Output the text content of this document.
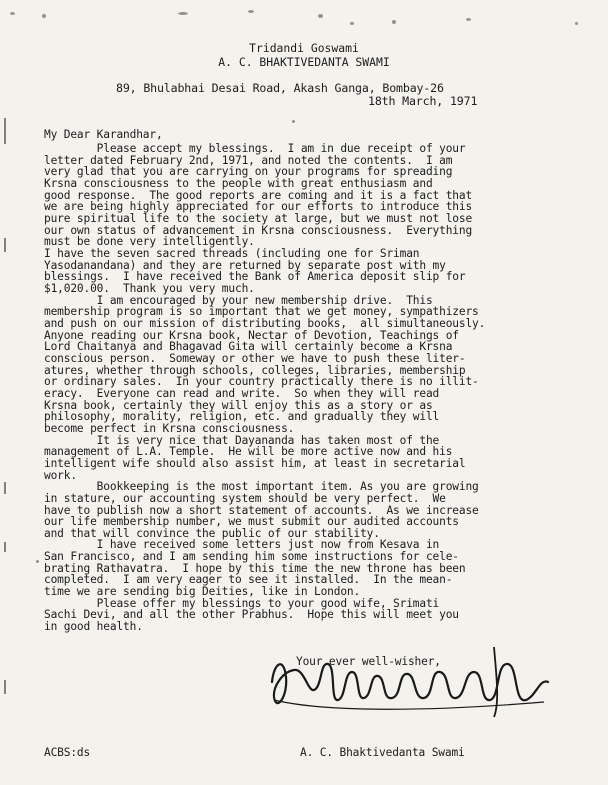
Tridandi Goswami
A. C. BHAKTIVEDANTA SWAMI
89, Bhulabhai Desai Road, Akash Ganga, Bombay-26
18th March, 1971
My Dear Karandhar,
Please accept my blessings.  I am in due receipt of your
letter dated February 2nd, 1971, and noted the contents.  I am
very glad that you are carrying on your programs for spreading
Krsna consciousness to the people with great enthusiasm and
good response.  The good reports are coming and it is a fact that
we are being highly appreciated for our efforts to introduce this
pure spiritual life to the society at large, but we must not lose
our own status of advancement in Krsna consciousness.  Everything
must be done very intelligently.
I have the seven sacred threads (including one for Sriman
Yasodanandana) and they are returned by separate post with my
blessings.  I have received the Bank of America deposit slip for
$1,020.00.  Thank you very much.
I am encouraged by your new membership drive.  This
membership program is so important that we get money, sympathizers
and push on our mission of distributing books,  all simultaneously.
Anyone reading our Krsna book, Nectar of Devotion, Teachings of
Lord Chaitanya and Bhagavad Gita will certainly become a Krsna
conscious person.  Someway or other we have to push these liter-
atures, whether through schools, colleges, libraries, membership
or ordinary sales.  In your country practically there is no illit-
eracy.  Everyone can read and write.  So when they will read
Krsna book, certainly they will enjoy this as a story or as
philosophy, morality, religion, etc. and gradually they will
become perfect in Krsna consciousness.
It is very nice that Dayananda has taken most of the
management of L.A. Temple.  He will be more active now and his
intelligent wife should also assist him, at least in secretarial
work.
Bookkeeping is the most important item. As you are growing
in stature, our accounting system should be very perfect.  We
have to publish now a short statement of accounts.  As we increase
our life membership number, we must submit our audited accounts
and that will convince the public of our stability.
I have received some letters just now from Kesava in
San Francisco, and I am sending him some instructions for cele-
brating Rathavatra.  I hope by this time the new throne has been
completed.  I am very eager to see it installed.  In the mean-
time we are sending big Deities, like in London.
Please offer my blessings to your good wife, Srimati
Sachi Devi, and all the other Prabhus.  Hope this will meet you
in good health.
Your ever well-wisher,
ACBS:ds	A. C. Bhaktivedanta Swami
